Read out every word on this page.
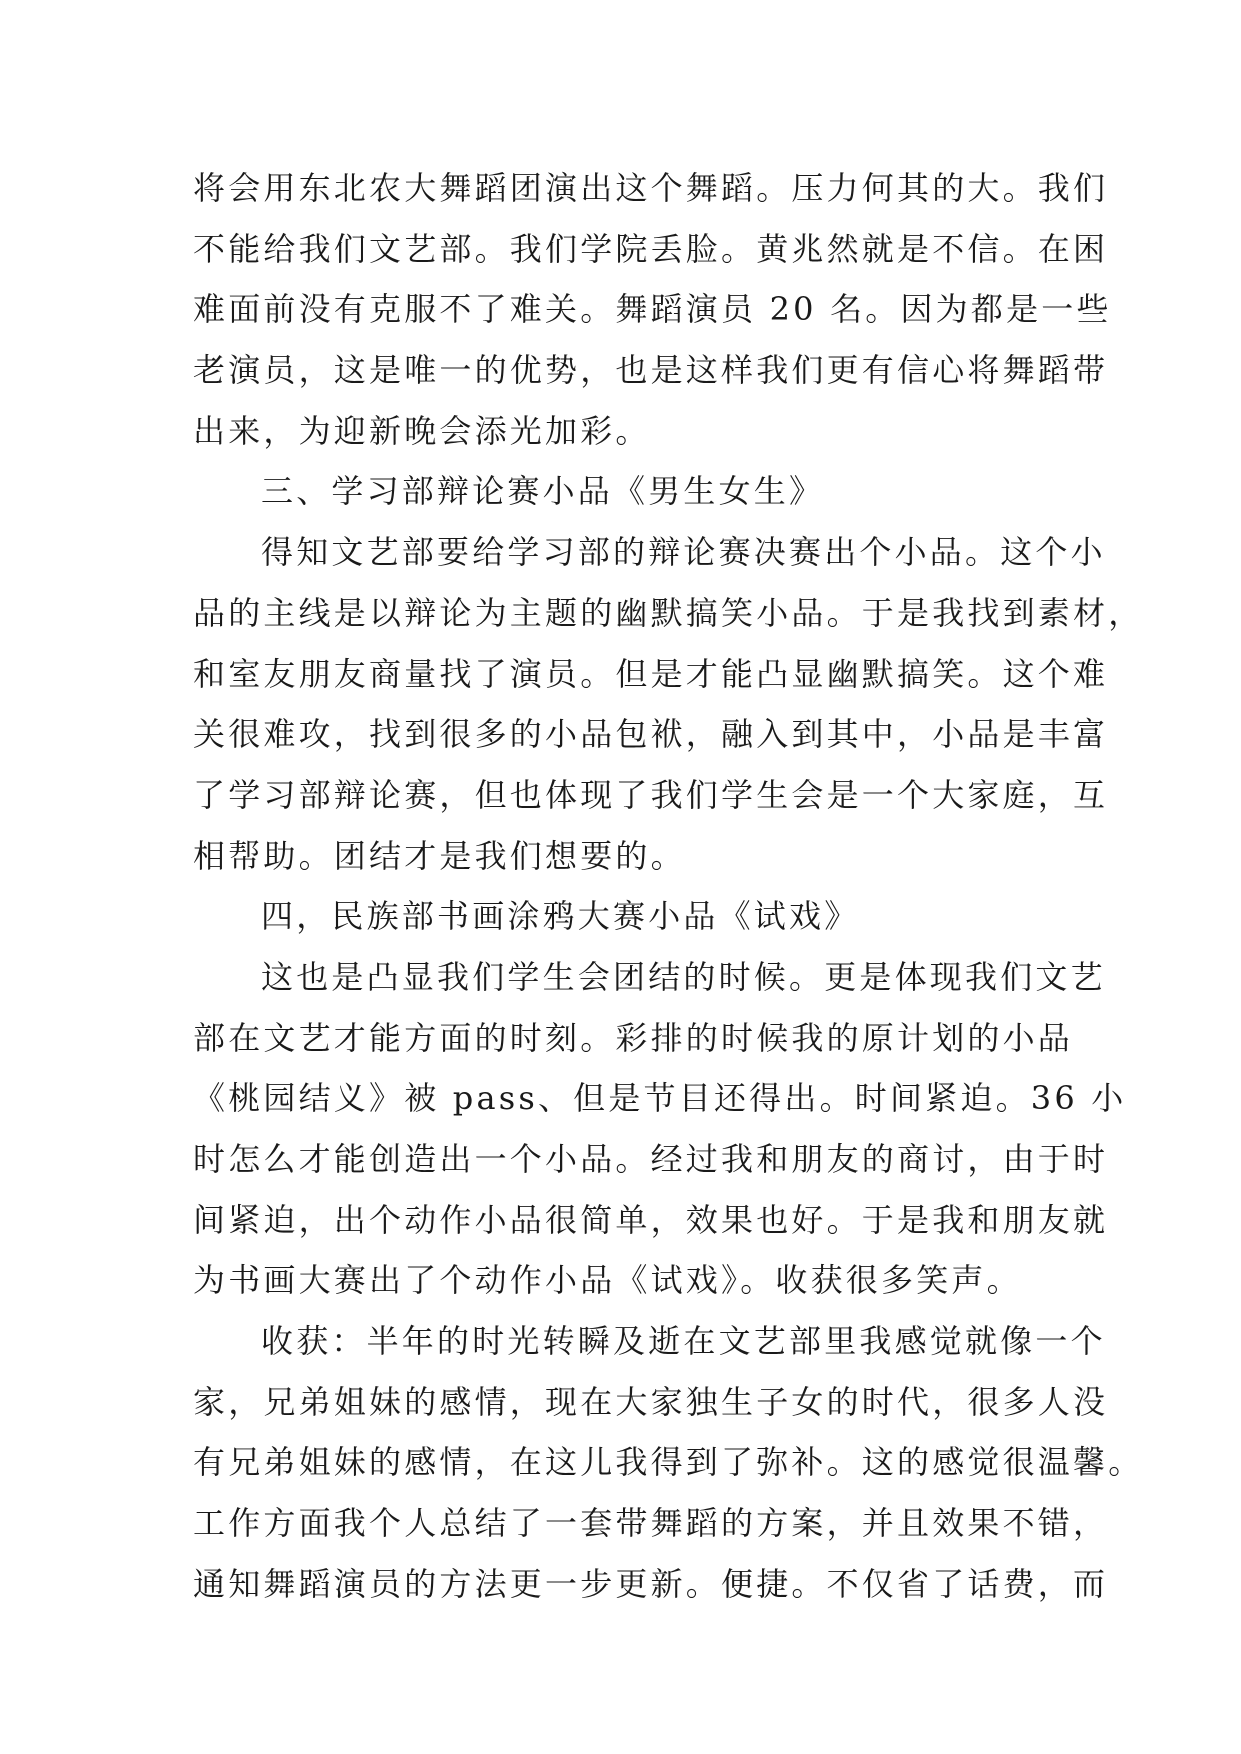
将会用东北农大舞蹈团演出这个舞蹈。压力何其的大。我们
不能给我们文艺部。我们学院丢脸。黄兆然就是不信。在困
难面前没有克服不了难关。舞蹈演员 20 名。因为都是一些
老演员，这是唯一的优势，也是这样我们更有信心将舞蹈带
出来，为迎新晚会添光加彩。
三、学习部辩论赛小品《男生女生》
得知文艺部要给学习部的辩论赛决赛出个小品。这个小
品的主线是以辩论为主题的幽默搞笑小品。于是我找到素材，
和室友朋友商量找了演员。但是才能凸显幽默搞笑。这个难
关很难攻，找到很多的小品包袱，融入到其中，小品是丰富
了学习部辩论赛，但也体现了我们学生会是一个大家庭，互
相帮助。团结才是我们想要的。
四，民族部书画涂鸦大赛小品《试戏》
这也是凸显我们学生会团结的时候。更是体现我们文艺
部在文艺才能方面的时刻。彩排的时候我的原计划的小品
《桃园结义》被 pass、但是节目还得出。时间紧迫。36 小
时怎么才能创造出一个小品。经过我和朋友的商讨，由于时
间紧迫，出个动作小品很简单，效果也好。于是我和朋友就
为书画大赛出了个动作小品《试戏》。收获很多笑声。
收获：半年的时光转瞬及逝在文艺部里我感觉就像一个
家，兄弟姐妹的感情，现在大家独生子女的时代，很多人没
有兄弟姐妹的感情，在这儿我得到了弥补。这的感觉很温馨。
工作方面我个人总结了一套带舞蹈的方案，并且效果不错，
通知舞蹈演员的方法更一步更新。便捷。不仅省了话费，而
